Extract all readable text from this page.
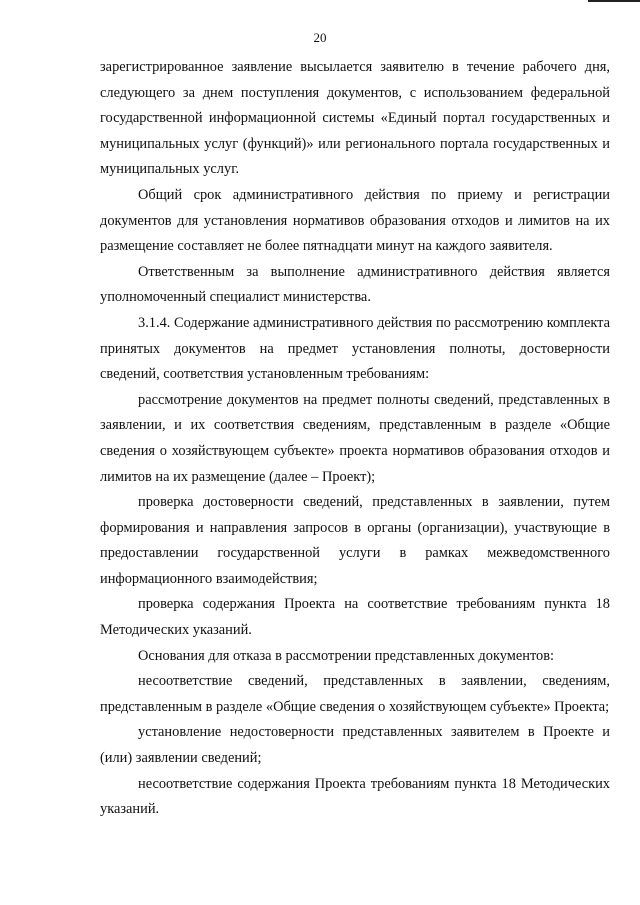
20

зарегистрированное заявление высылается заявителю в течение рабочего дня, следующего за днем поступления документов, с использованием федеральной государственной информационной системы «Единый портал государственных и муниципальных услуг (функций)» или регионального портала государственных и муниципальных услуг.

Общий срок административного действия по приему и регистрации документов для установления нормативов образования отходов и лимитов на их размещение составляет не более пятнадцати минут на каждого заявителя.

Ответственным за выполнение административного действия является уполномоченный специалист министерства.

3.1.4. Содержание административного действия по рассмотрению комплекта принятых документов на предмет установления полноты, достоверности сведений, соответствия установленным требованиям:

рассмотрение документов на предмет полноты сведений, представленных в заявлении, и их соответствия сведениям, представленным в разделе «Общие сведения о хозяйствующем субъекте» проекта нормативов образования отходов и лимитов на их размещение (далее – Проект);

проверка достоверности сведений, представленных в заявлении, путем формирования и направления запросов в органы (организации), участвующие в предоставлении государственной услуги в рамках межведомственного информационного взаимодействия;

проверка содержания Проекта на соответствие требованиям пункта 18 Методических указаний.

Основания для отказа в рассмотрении представленных документов:

несоответствие сведений, представленных в заявлении, сведениям, представленным в разделе «Общие сведения о хозяйствующем субъекте» Проекта;

установление недостоверности представленных заявителем в Проекте и (или) заявлении сведений;

несоответствие содержания Проекта требованиям пункта 18 Методических указаний.
